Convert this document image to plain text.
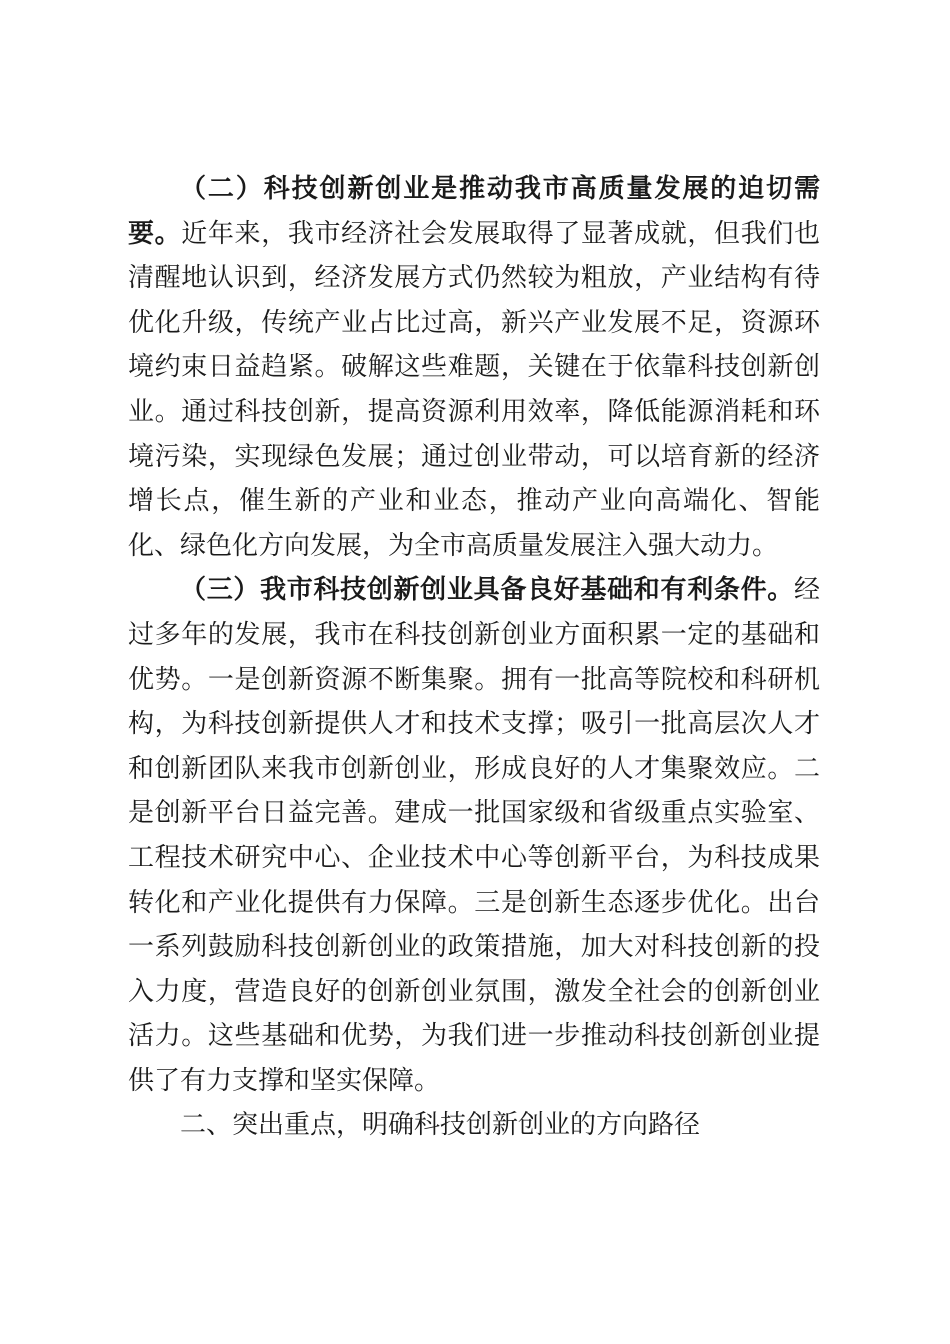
（二）科技创新创业是推动我市高质量发展的迫切需要。近年来，我市经济社会发展取得了显著成就，但我们也清醒地认识到，经济发展方式仍然较为粗放，产业结构有待优化升级，传统产业占比过高，新兴产业发展不足，资源环境约束日益趋紧。破解这些难题，关键在于依靠科技创新创业。通过科技创新，提高资源利用效率，降低能源消耗和环境污染，实现绿色发展；通过创业带动，可以培育新的经济增长点，催生新的产业和业态，推动产业向高端化、智能化、绿色化方向发展，为全市高质量发展注入强大动力。

（三）我市科技创新创业具备良好基础和有利条件。经过多年的发展，我市在科技创新创业方面积累一定的基础和优势。一是创新资源不断集聚。拥有一批高等院校和科研机构，为科技创新提供人才和技术支撑；吸引一批高层次人才和创新团队来我市创新创业，形成良好的人才集聚效应。二是创新平台日益完善。建成一批国家级和省级重点实验室、工程技术研究中心、企业技术中心等创新平台，为科技成果转化和产业化提供有力保障。三是创新生态逐步优化。出台一系列鼓励科技创新创业的政策措施，加大对科技创新的投入力度，营造良好的创新创业氛围，激发全社会的创新创业活力。这些基础和优势，为我们进一步推动科技创新创业提供了有力支撑和坚实保障。

二、突出重点，明确科技创新创业的方向路径
